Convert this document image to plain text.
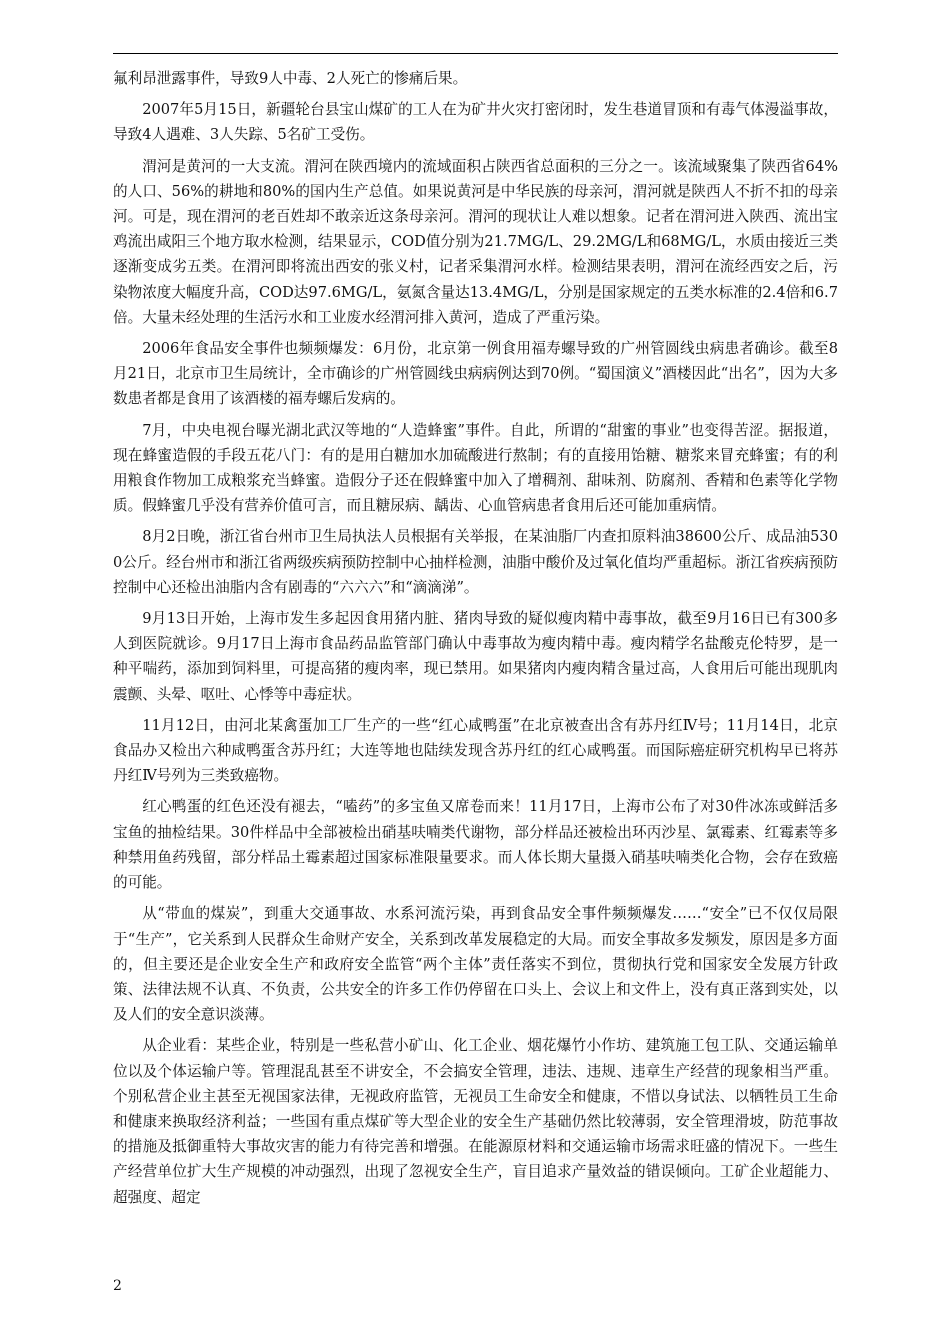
氟利昂泄露事件，导致9人中毒、2人死亡的惨痛后果。

2007年5月15日，新疆轮台县宝山煤矿的工人在为矿井火灾打密闭时，发生巷道冒顶和有毒气体漫溢事故，导致4人遇难、3人失踪、5名矿工受伤。

渭河是黄河的一大支流。渭河在陕西境内的流域面积占陕西省总面积的三分之一。该流域聚集了陕西省64%的人口、56%的耕地和80%的国内生产总值。如果说黄河是中华民族的母亲河，渭河就是陕西人不折不扣的母亲河。可是，现在渭河的老百姓却不敢亲近这条母亲河。渭河的现状让人难以想象。记者在渭河进入陕西、流出宝鸡流出咸阳三个地方取水检测，结果显示，COD值分别为21.7MG/L、29.2MG/L和68MG/L，水质由接近三类逐渐变成劣五类。在渭河即将流出西安的张义村，记者采集渭河水样。检测结果表明，渭河在流经西安之后，污染物浓度大幅度升高，COD达97.6MG/L，氨氮含量达13.4MG/L，分别是国家规定的五类水标准的2.4倍和6.7倍。大量未经处理的生活污水和工业废水经渭河排入黄河，造成了严重污染。

2006年食品安全事件也频频爆发：6月份，北京第一例食用福寿螺导致的广州管圆线虫病患者确诊。截至8月21日，北京市卫生局统计，全市确诊的广州管圆线虫病病例达到70例。“蜀国演义”酒楼因此“出名”，因为大多数患者都是食用了该酒楼的福寿螺后发病的。

7月，中央电视台曝光湖北武汉等地的“人造蜂蜜”事件。自此，所谓的“甜蜜的事业”也变得苦涩。据报道，现在蜂蜜造假的手段五花八门：有的是用白糖加水加硫酸进行熬制；有的直接用饴糖、糖浆来冒充蜂蜜；有的利用粮食作物加工成粮浆充当蜂蜜。造假分子还在假蜂蜜中加入了增稠剂、甜味剂、防腐剂、香精和色素等化学物质。假蜂蜜几乎没有营养价值可言，而且糖尿病、龋齿、心血管病患者食用后还可能加重病情。

8月2日晚，浙江省台州市卫生局执法人员根据有关举报，在某油脂厂内查扣原料油38600公斤、成品油5300公斤。经台州市和浙江省两级疾病预防控制中心抽样检测，油脂中酸价及过氧化值均严重超标。浙江省疾病预防控制中心还检出油脂内含有剧毒的“六六六”和“滴滴涕”。

9月13日开始，上海市发生多起因食用猪内脏、猪肉导致的疑似瘦肉精中毒事故，截至9月16日已有300多人到医院就诊。9月17日上海市食品药品监管部门确认中毒事故为瘦肉精中毒。瘦肉精学名盐酸克伦特罗，是一种平喘药，添加到饲料里，可提高猪的瘦肉率，现已禁用。如果猪肉内瘦肉精含量过高，人食用后可能出现肌肉震颤、头晕、呕吐、心悸等中毒症状。

11月12日，由河北某禽蛋加工厂生产的一些“红心咸鸭蛋”在北京被查出含有苏丹红Ⅳ号；11月14日，北京食品办又检出六种咸鸭蛋含苏丹红；大连等地也陆续发现含苏丹红的红心咸鸭蛋。而国际癌症研究机构早已将苏丹红Ⅳ号列为三类致癌物。

红心鸭蛋的红色还没有褪去，“嗑药”的多宝鱼又席卷而来！11月17日，上海市公布了对30件冰冻或鲜活多宝鱼的抽检结果。30件样品中全部被检出硝基呋喃类代谢物，部分样品还被检出环丙沙星、氯霉素、红霉素等多种禁用鱼药残留，部分样品土霉素超过国家标准限量要求。而人体长期大量摄入硝基呋喃类化合物，会存在致癌的可能。

从“带血的煤炭”，到重大交通事故、水系河流污染，再到食品安全事件频频爆发……“安全”已不仅仅局限于“生产”，它关系到人民群众生命财产安全，关系到改革发展稳定的大局。而安全事故多发频发，原因是多方面的，但主要还是企业安全生产和政府安全监管“两个主体”责任落实不到位，贯彻执行党和国家安全发展方针政策、法律法规不认真、不负责，公共安全的许多工作仍停留在口头上、会议上和文件上，没有真正落到实处，以及人们的安全意识淡薄。

从企业看：某些企业，特别是一些私营小矿山、化工企业、烟花爆竹小作坊、建筑施工包工队、交通运输单位以及个体运输户等。管理混乱甚至不讲安全，不会搞安全管理，违法、违规、违章生产经营的现象相当严重。个别私营企业主甚至无视国家法律，无视政府监管，无视员工生命安全和健康，不惜以身试法、以牺牲员工生命和健康来换取经济利益；一些国有重点煤矿等大型企业的安全生产基础仍然比较薄弱，安全管理滑坡，防范事故的措施及抵御重特大事故灾害的能力有待完善和增强。在能源原材料和交通运输市场需求旺盛的情况下。一些生产经营单位扩大生产规模的冲动强烈，出现了忽视安全生产，盲目追求产量效益的错误倾向。工矿企业超能力、超强度、超定

2
